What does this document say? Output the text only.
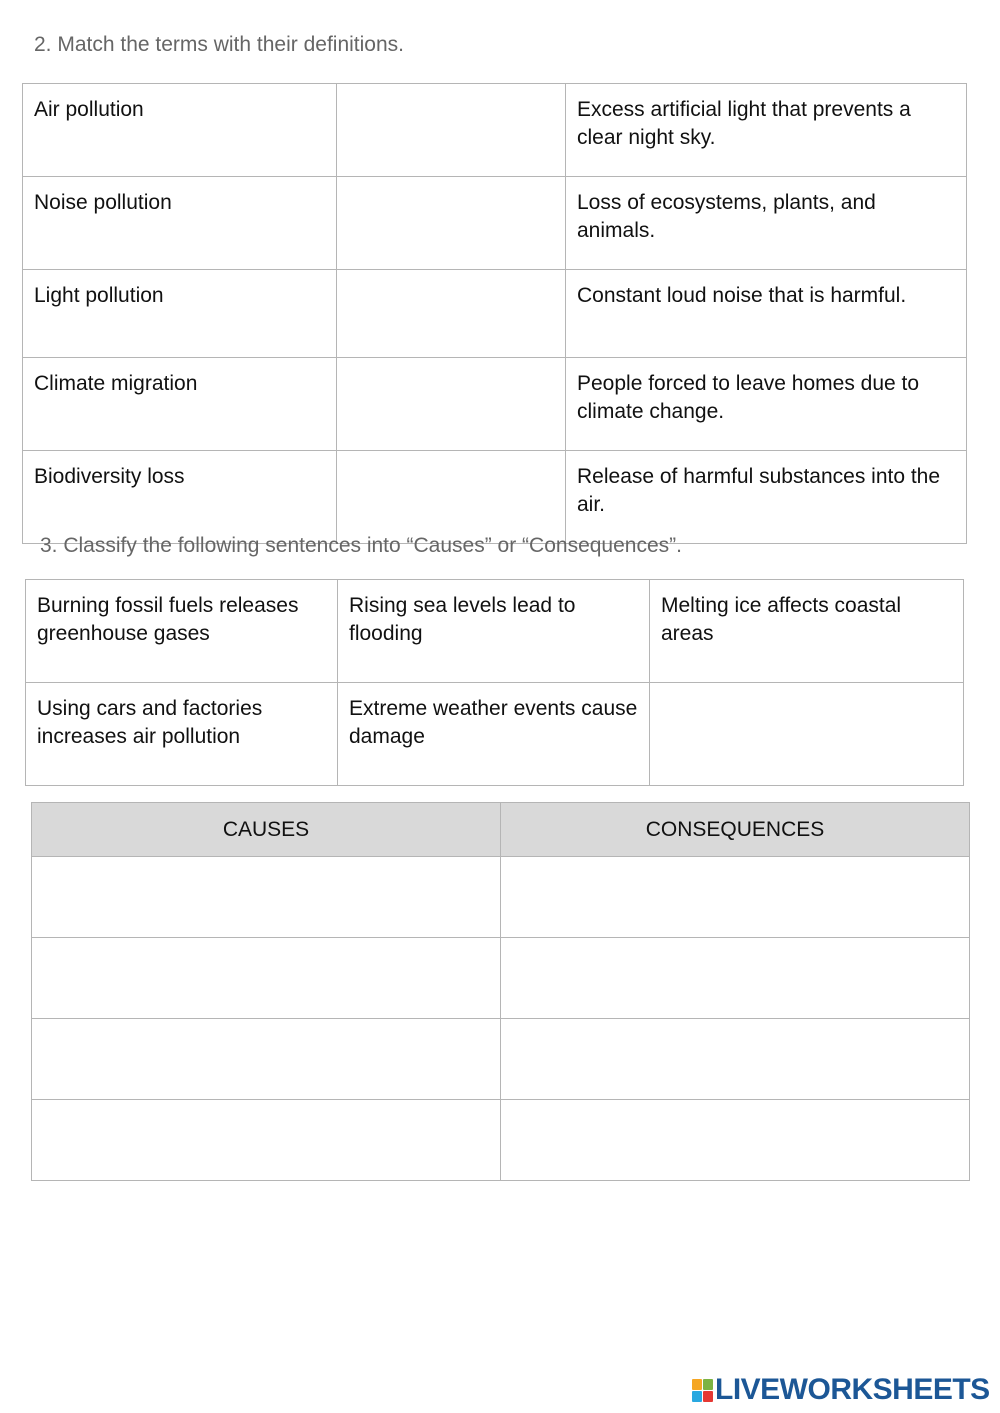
2. Match the terms with their definitions.
Air pollution		Excess artificial light that prevents a clear night sky.
Noise pollution		Loss of ecosystems, plants, and animals.
Light pollution		Constant loud noise that is harmful.
Climate migration		People forced to leave homes due to climate change.
Biodiversity loss		Release of harmful substances into the air.
3. Classify the following sentences into “Causes” or “Consequences”.
Burning fossil fuels releases greenhouse gases	Rising sea levels lead to flooding	Melting ice affects coastal areas
Using cars and factories increases air pollution	Extreme weather events cause damage	
CAUSES	CONSEQUENCES

LIVEWORKSHEETS
